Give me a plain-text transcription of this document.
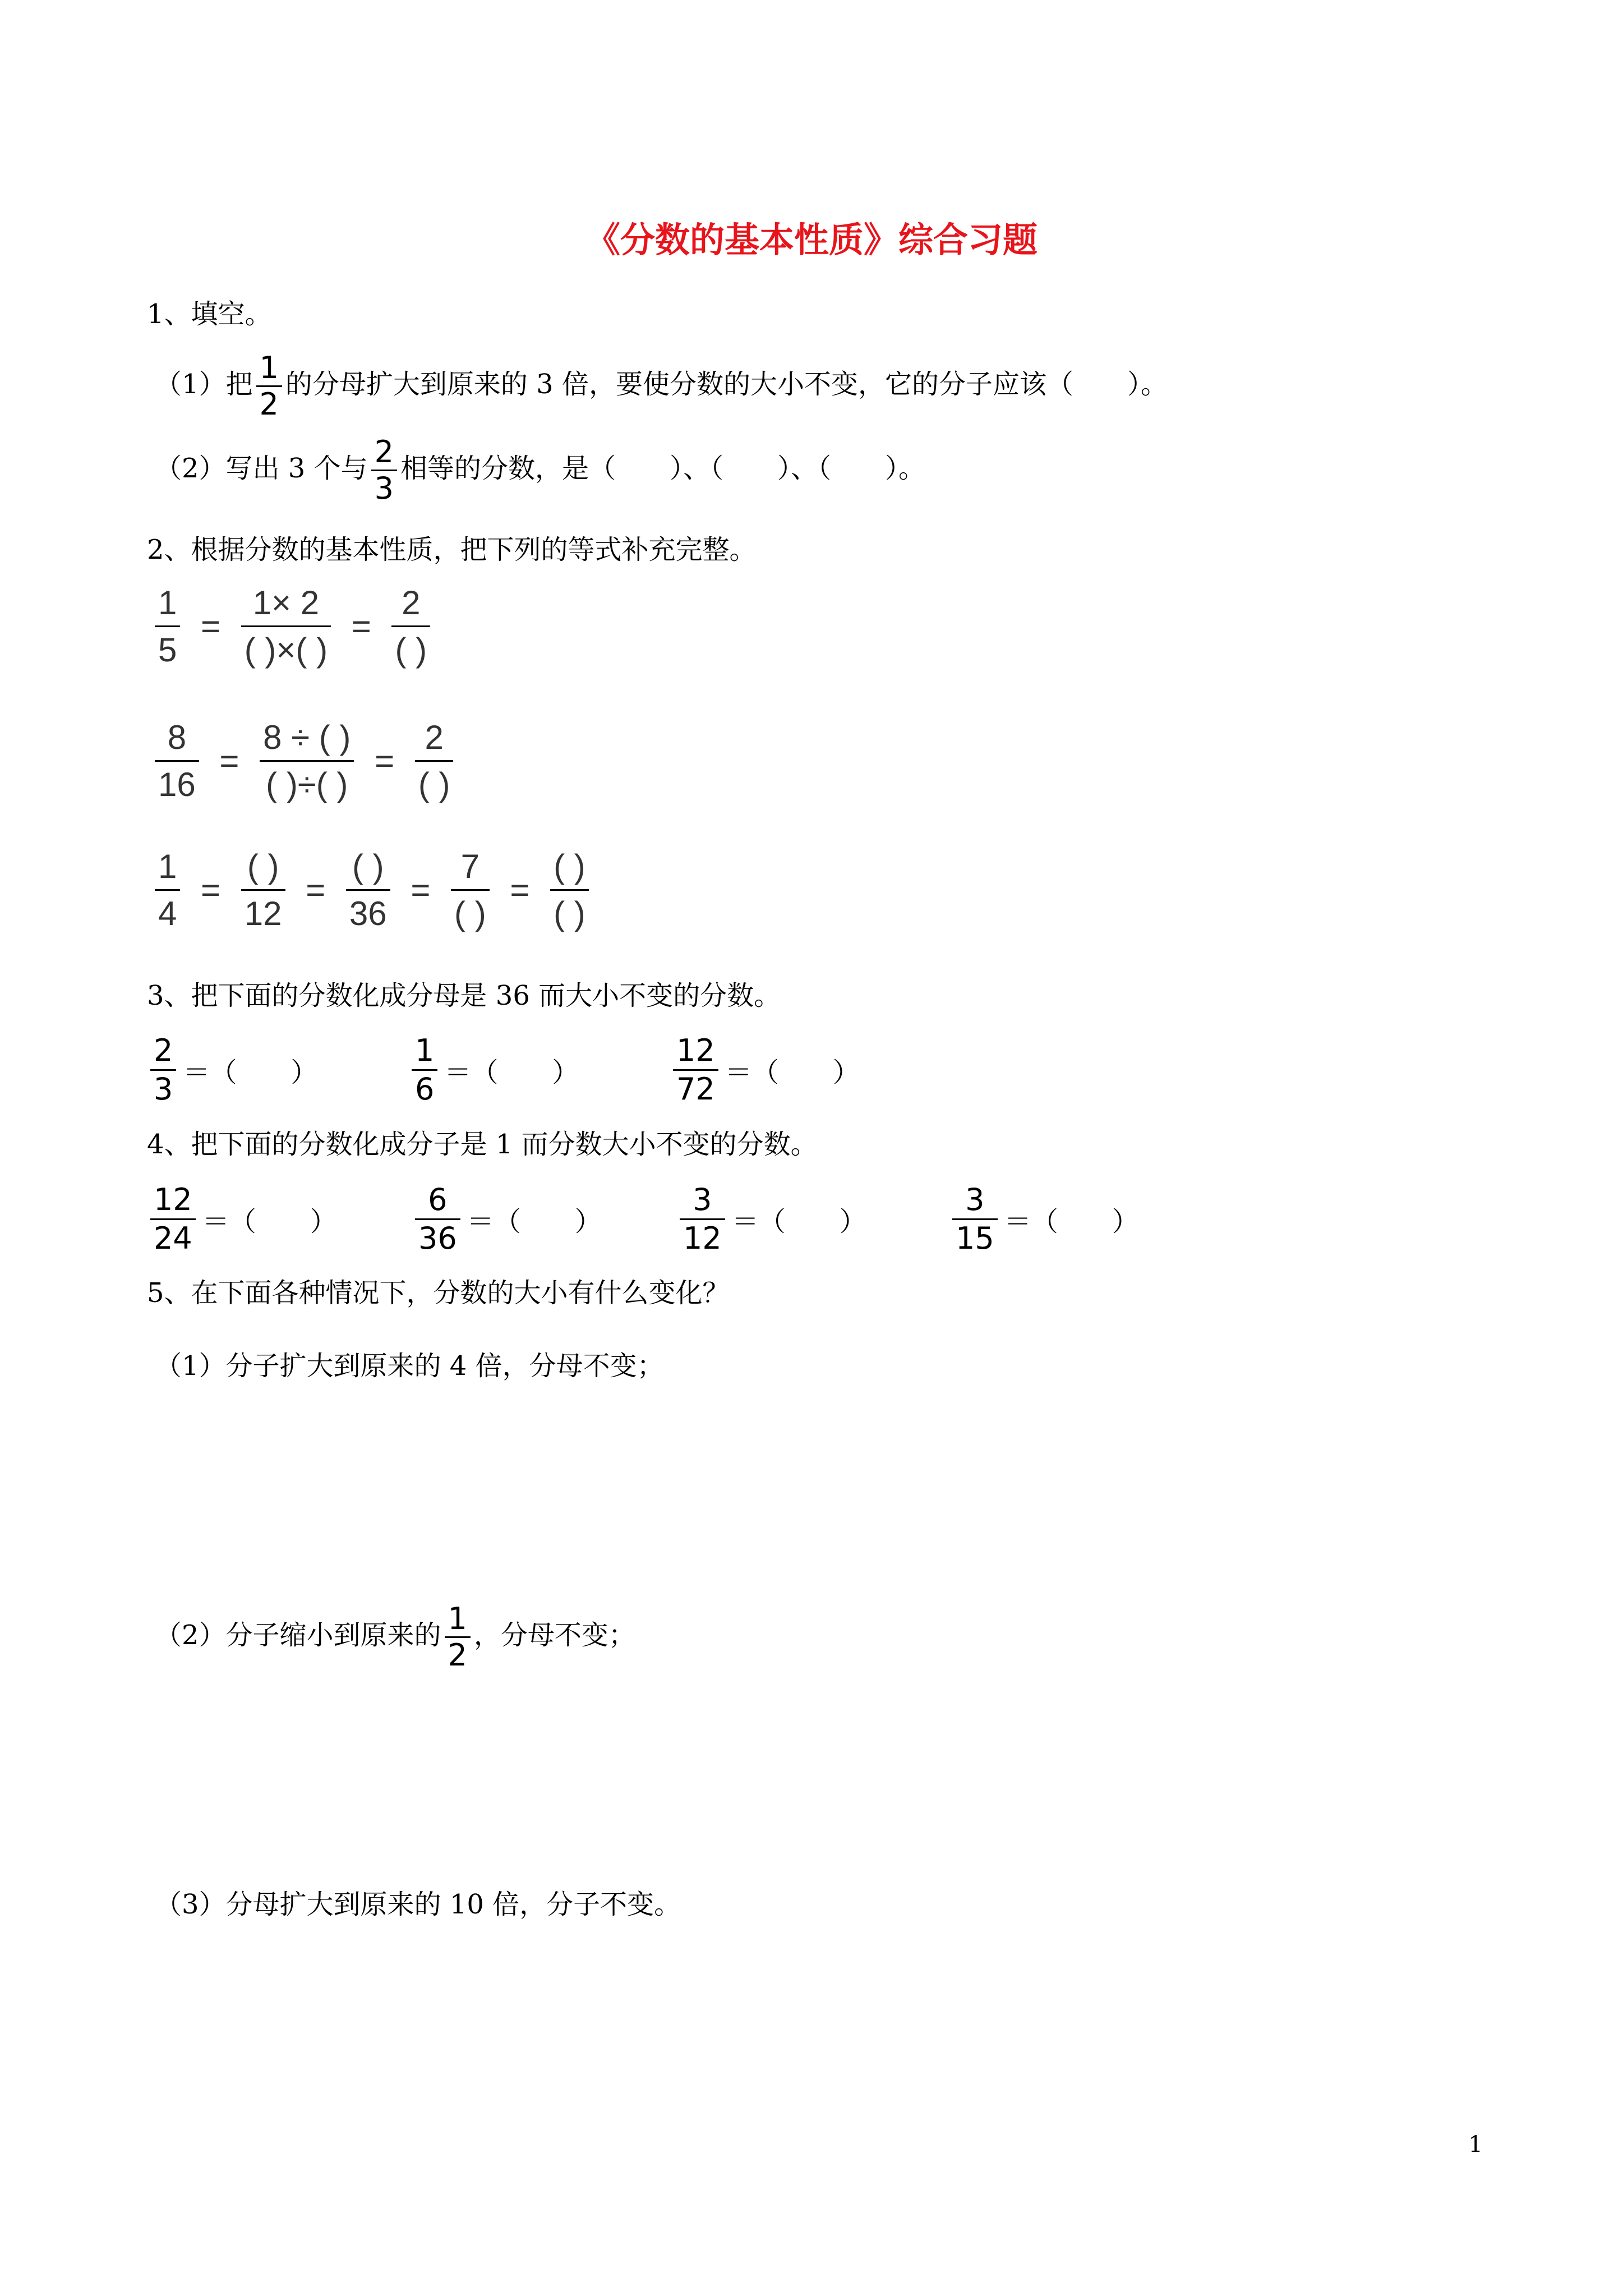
《分数的基本性质》综合习题
1、填空。
（1）把 $\frac{1}{2}$ 的分母扩大到原来的 3 倍，要使分数的大小不变，它的分子应该（　　）。
（2）写出 3 个与 $\frac{2}{3}$ 相等的分数，是（　　）、（　　）、（　　）。
2、根据分数的基本性质，把下列的等式补充完整。
$\frac{1}{5} = \frac{1\times 2}{( )\times( )} = \frac{2}{( )}$
$\frac{8}{16} = \frac{8 \div ( )}{( )\div( )} = \frac{2}{( )}$
$\frac{1}{4} = \frac{( )}{12} = \frac{( )}{36} = \frac{7}{( )} = \frac{( )}{( )}$
3、把下面的分数化成分母是 36 而大小不变的分数。
$\frac{2}{3}$ ＝（　　）	$\frac{1}{6}$ ＝（　　）	$\frac{12}{72}$ ＝（　　）
4、把下面的分数化成分子是 1 而分数大小不变的分数。
$\frac{12}{24}$ ＝（　　）	$\frac{6}{36}$ ＝（　　）	$\frac{3}{12}$ ＝（　　）	$\frac{3}{15}$ ＝（　　）
5、在下面各种情况下，分数的大小有什么变化？
（1）分子扩大到原来的 4 倍，分母不变；
（2）分子缩小到原来的 $\frac{1}{2}$ ，分母不变；
（3）分母扩大到原来的 10 倍，分子不变。
1
